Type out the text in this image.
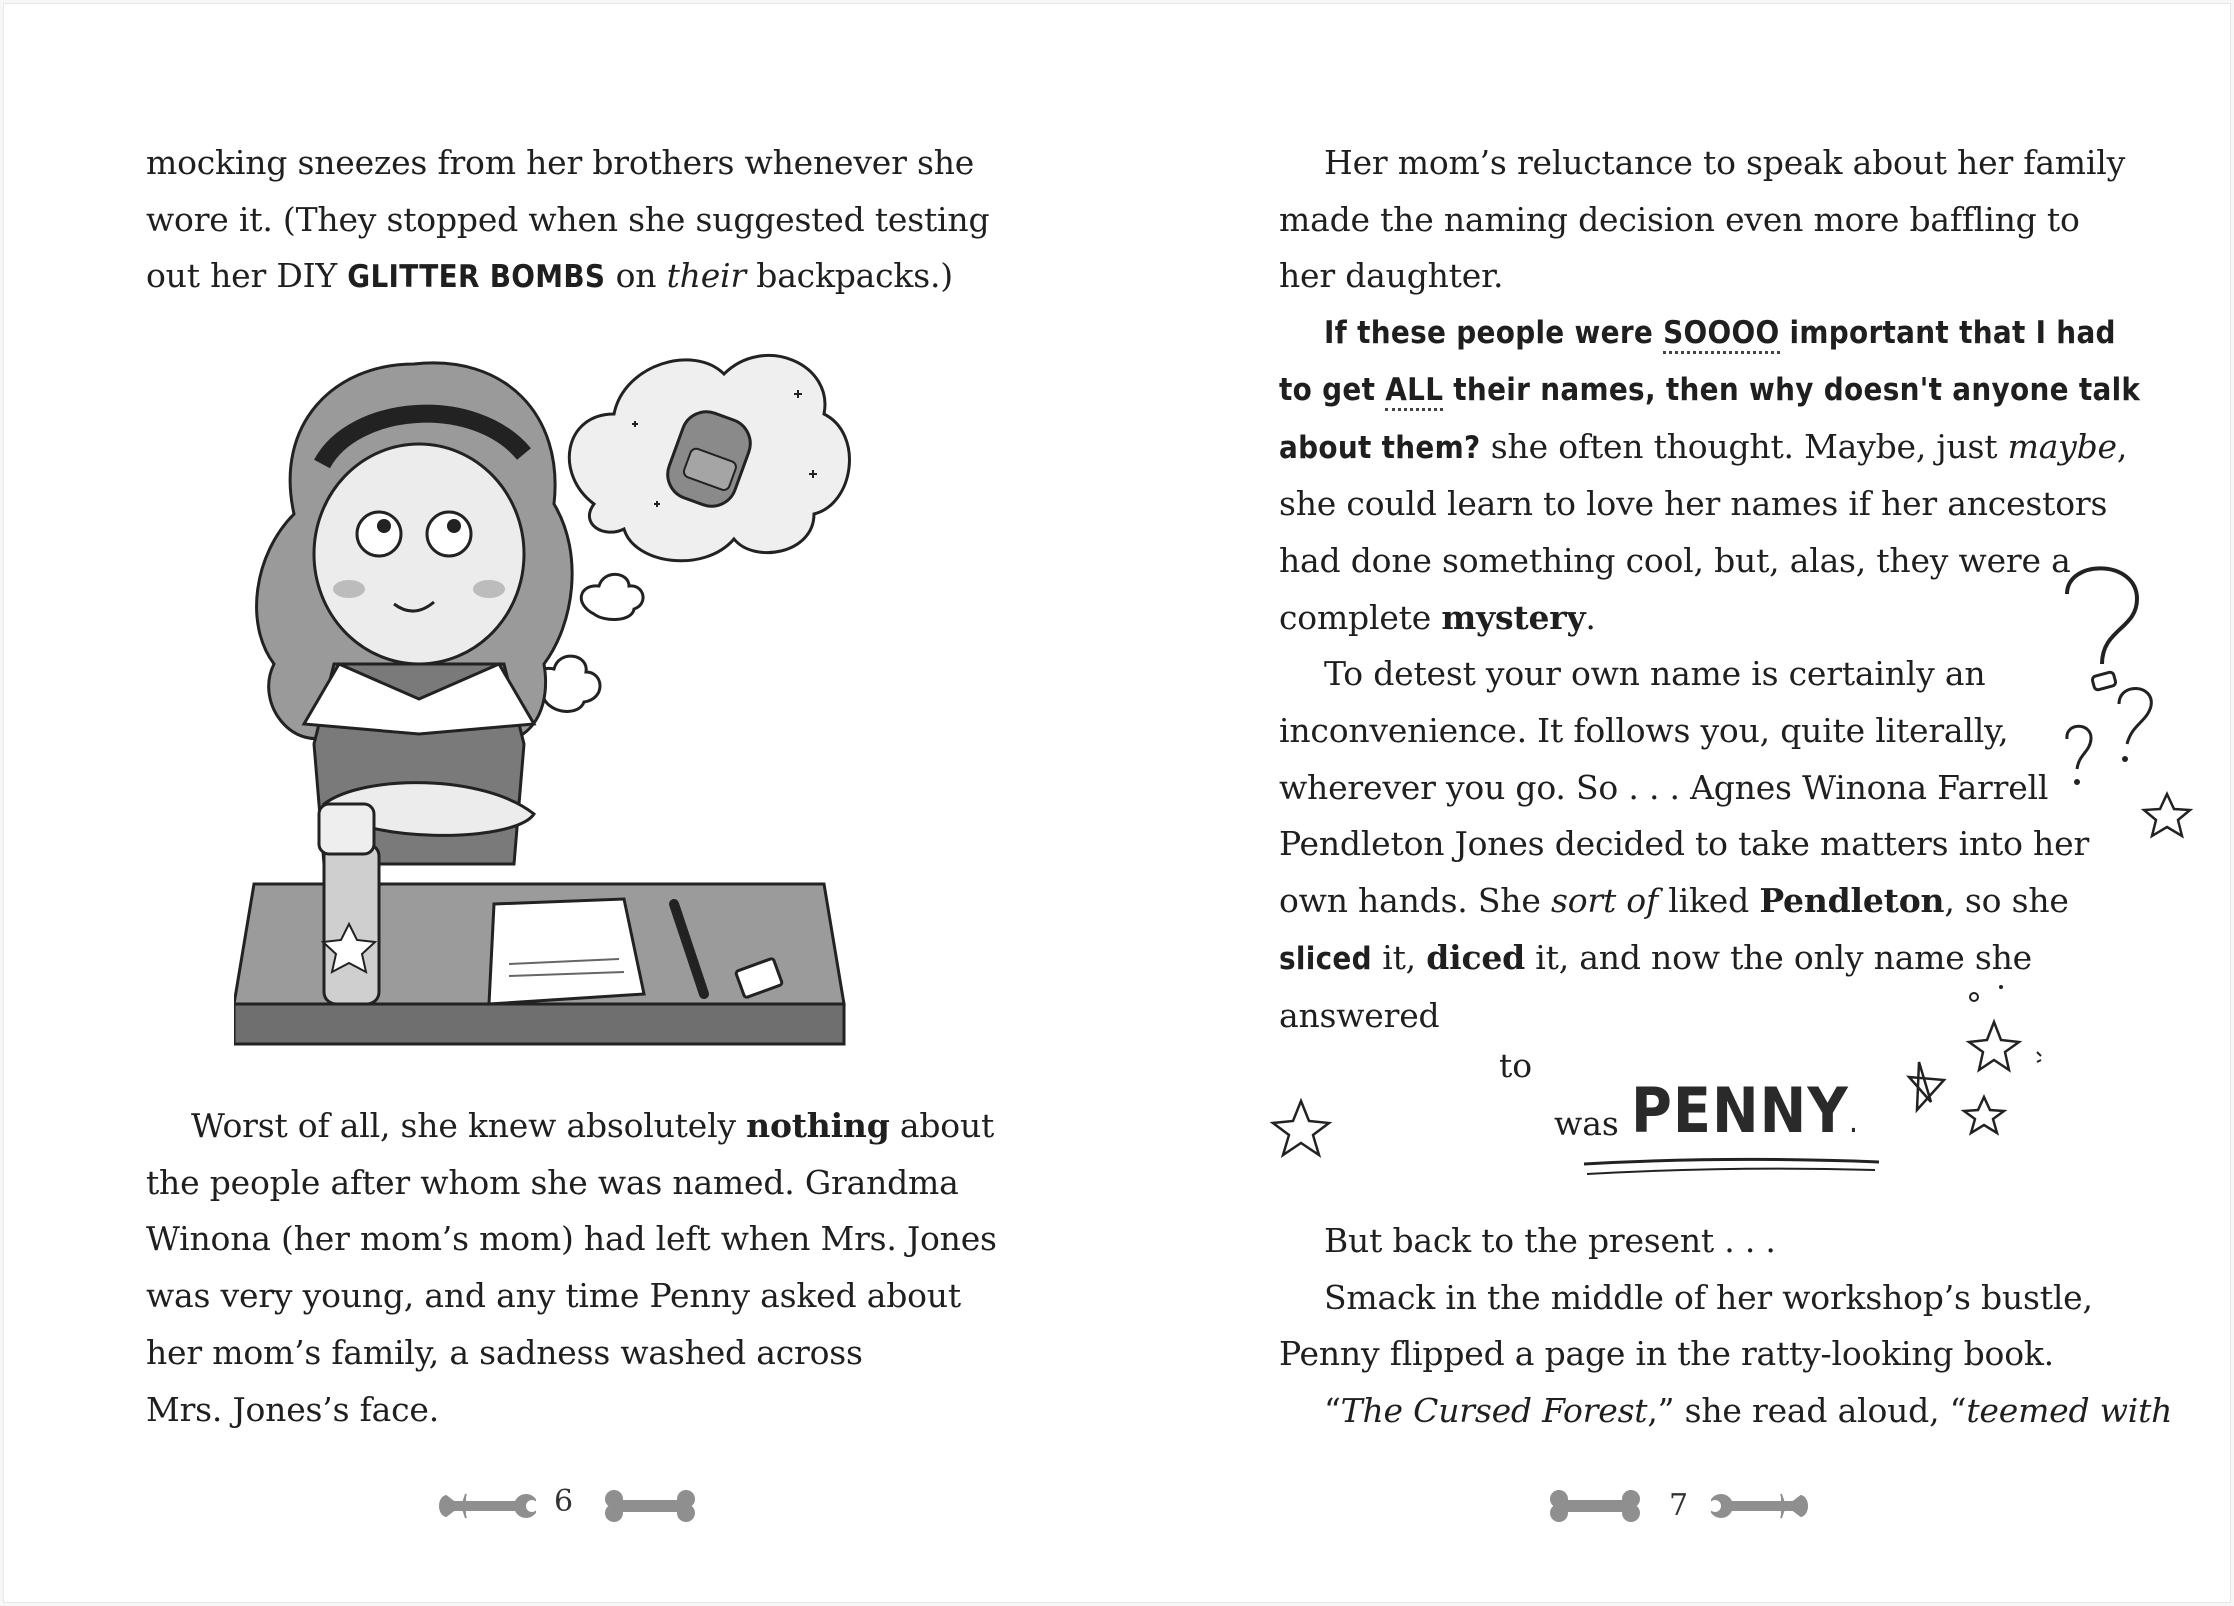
mocking sneezes from her brothers whenever she

wore it. (They stopped when she suggested testing

out her DIY GLITTER BOMBS on their backpacks.)

Worst of all, she knew absolutely nothing about

the people after whom she was named. Grandma

Winona (her mom’s mom) had left when Mrs. Jones

was very young, and any time Penny asked about

her mom’s family, a sadness washed across

Mrs. Jones’s face.

6

Her mom’s reluctance to speak about her family

made the naming decision even more baffling to

her daughter.

If these people were SOOOO important that I had

to get ALL their names, then why doesn't anyone talk

about them? she often thought. Maybe, just maybe,

she could learn to love her names if her ancestors

had done something cool, but, alas, they were a

complete mystery.

To detest your own name is certainly an

inconvenience. It follows you, quite literally,

wherever you go. So . . . Agnes Winona Farrell

Pendleton Jones decided to take matters into her

own hands. She sort of liked Pendleton, so she

sliced it, diced it, and now the only name she

answered

to
was PENNY.

But back to the present . . .

Smack in the middle of her workshop’s bustle,

Penny flipped a page in the ratty-looking book.

“The Cursed Forest,” she read aloud, “teemed with

7
